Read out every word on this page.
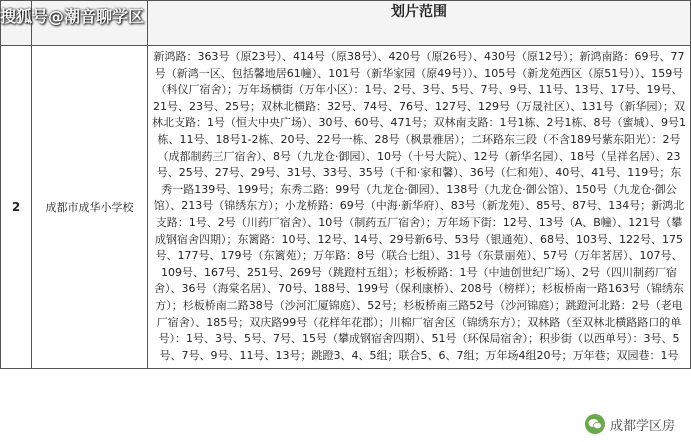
		划片范围
2	成都市成华小学校	新鸿路：363号（原23号）、414号（原38号）、420号（原26号）、430号（原12号）；新鸿南路：69号、77号（新鸿一区、包括馨地居61幢）、101号（新华家园（原49号））、105号（新龙苑西区（原51号））、159号（科仪厂宿舍）；万年场横街（万年小区）：1号、2号、3号、5号、7号、9号、11号、13号、17号、19号、21号、23号、25号；双林北横路：32号、74号、76号、127号、129号（万晟社区）、131号（新华园）；双林北支路：1号（恒大中央广场）、30号、60号、471号；双林南支路：1号1栋、2号1栋、8号（蜜城）、9号1栋、11号、18号1-2栋、20号、22号一栋、28号（枫景雅居）；二环路东三段（不含189号紫东阳光）：2号（成都制药三厂宿舍）、8号（九龙仓·御园）、10号（十号大院）、12号（新华名园）、18号（呈祥名居）、23号、25号、27号、29号、31号、33号、35号（千和·家和馨）、36号（仁和苑）、40号、41号、119号；东秀一路139号、199号；东秀二路：99号（九龙仓·御园）、138号（九龙仓·御公馆）、150号（九龙仓·御公馆）、213号（锦绣东方）；小龙桥路：69号（中海·新华府）、83号（新龙苑）、85号、87号、134号；新鸿北支路：1号、2号（川药厂宿舍）、10号（制药五厂宿舍）；万年场下街：12号、13号（A、B幢）、121号（攀成钢宿舍四期）；东篱路：10号、12号、14号、29号新6号、53号（银通苑）、68号、103号、122号、175号、177号、179号（东篱苑）；万年路：8号（联合七组）、31号（东景丽苑）、57号（万年茗居）、107号、109号、167号、251号、269号（跳蹬村五组）；杉板桥路：1号（中迪创世纪广场）、2号（四川制药厂宿舍）、36号（海棠名居）、70号、188号、199号（保利康桥）、208号（榜样）；杉板桥南一路163号（锦绣东方）；杉板桥南二路38号（沙河汇厦锦庭）、52号；杉板桥南三路52号（沙河锦庭）；跳蹬河北路：2号（老电厂宿舍）、185号；双庆路99号（花样年花郡）；川棉厂宿舍区（锦绣东方）；双林路（至双林北横路路口的单号）：1号、3号、5号、7号、15号（攀成钢宿舍四期）、51号（环保局宿舍）；积步街（以西单号）：3号、5号、7号、9号、11号、13号；跳蹬3、4、5组；联合5、6、7组；万年场4组20号；万年巷；双园巷：1号
搜狐号@潮音聊学区
成都学区房
